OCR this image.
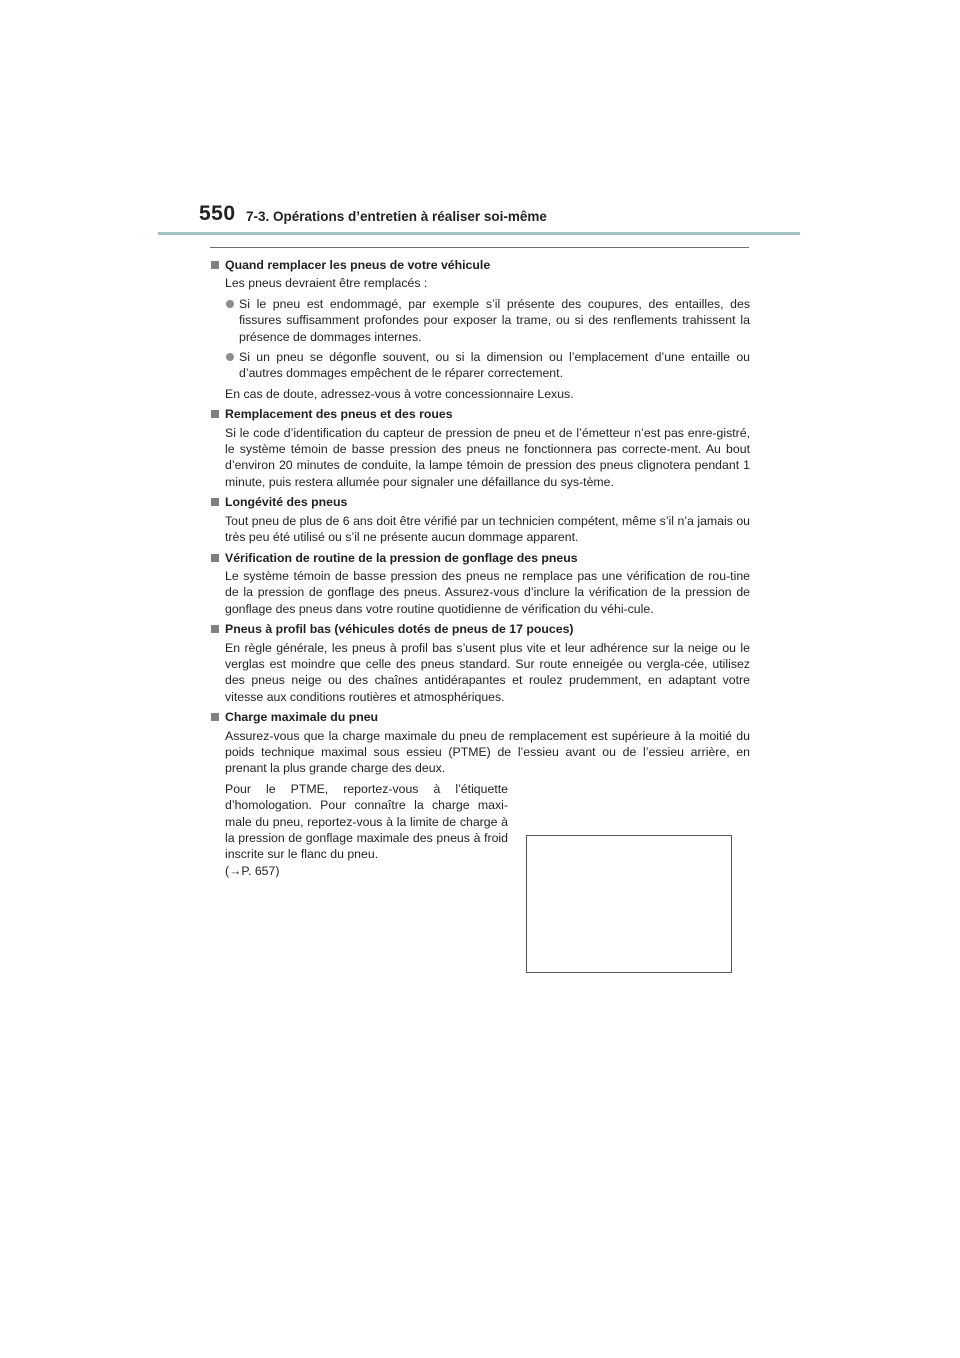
550 7-3. Opérations d’entretien à réaliser soi-même
Quand remplacer les pneus de votre véhicule
Les pneus devraient être remplacés :
Si le pneu est endommagé, par exemple s’il présente des coupures, des entailles, des fissures suffisamment profondes pour exposer la trame, ou si des renflements trahissent la présence de dommages internes.
Si un pneu se dégonfle souvent, ou si la dimension ou l’emplacement d’une entaille ou d’autres dommages empêchent de le réparer correctement.
En cas de doute, adressez-vous à votre concessionnaire Lexus.
Remplacement des pneus et des roues
Si le code d’identification du capteur de pression de pneu et de l’émetteur n’est pas enre-gistré, le système témoin de basse pression des pneus ne fonctionnera pas correcte-ment. Au bout d’environ 20 minutes de conduite, la lampe témoin de pression des pneus clignotera pendant 1 minute, puis restera allumée pour signaler une défaillance du sys-tème.
Longévité des pneus
Tout pneu de plus de 6 ans doit être vérifié par un technicien compétent, même s’il n’a jamais ou très peu été utilisé ou s’il ne présente aucun dommage apparent.
Vérification de routine de la pression de gonflage des pneus
Le système témoin de basse pression des pneus ne remplace pas une vérification de rou-tine de la pression de gonflage des pneus. Assurez-vous d’inclure la vérification de la pression de gonflage des pneus dans votre routine quotidienne de vérification du véhi-cule.
Pneus à profil bas (véhicules dotés de pneus de 17 pouces)
En règle générale, les pneus à profil bas s’usent plus vite et leur adhérence sur la neige ou le verglas est moindre que celle des pneus standard. Sur route enneigée ou vergla-cée, utilisez des pneus neige ou des chaînes antidérapantes et roulez prudemment, en adaptant votre vitesse aux conditions routières et atmosphériques.
Charge maximale du pneu
Assurez-vous que la charge maximale du pneu de remplacement est supérieure à la moitié du poids technique maximal sous essieu (PTME) de l’essieu avant ou de l’essieu arrière, en prenant la plus grande charge des deux.
Pour le PTME, reportez-vous à l’étiquette d’homologation. Pour connaître la charge maxi-male du pneu, reportez-vous à la limite de charge à la pression de gonflage maximale des pneus à froid inscrite sur le flanc du pneu.
(→P. 657)
